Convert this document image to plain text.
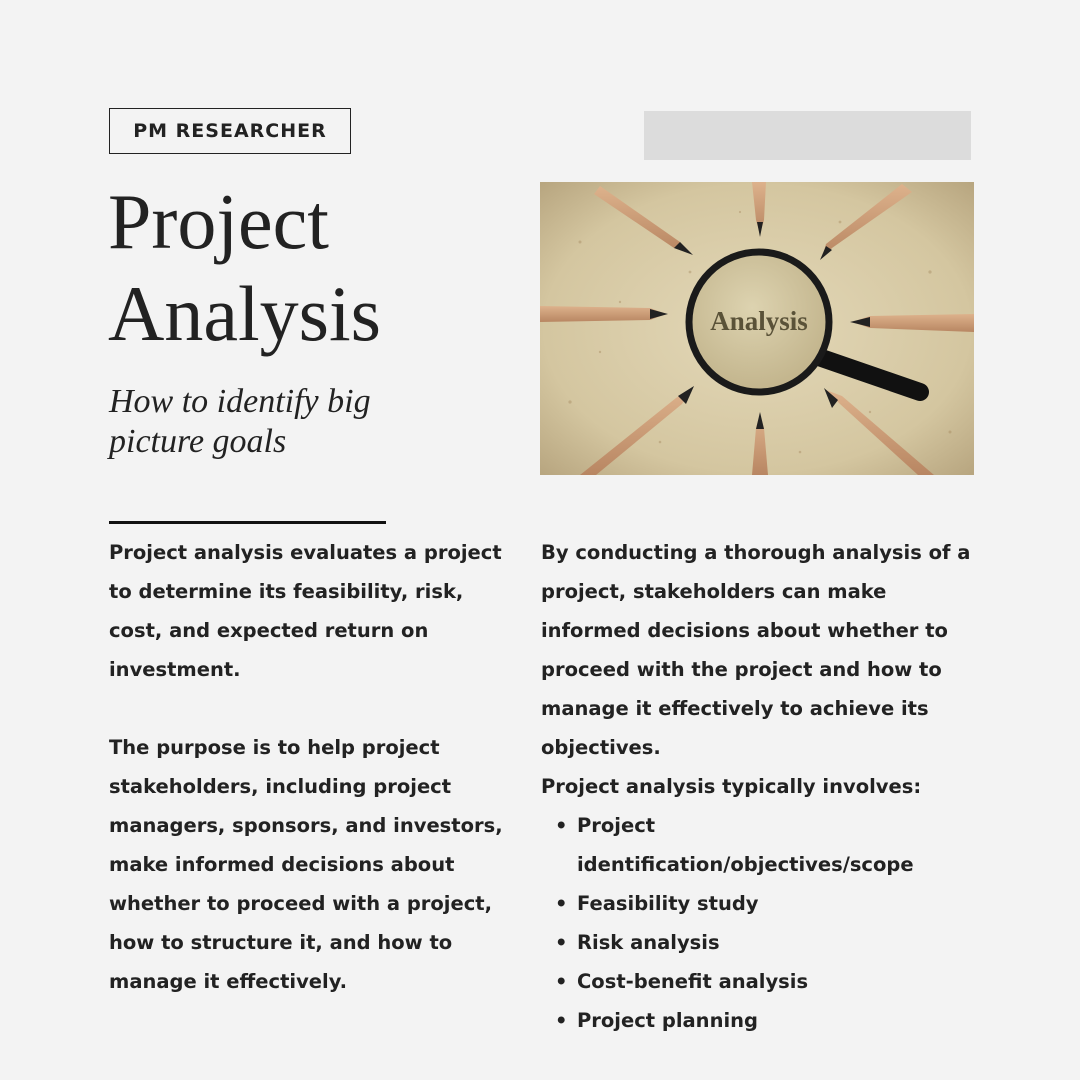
PM RESEARCHER
Project
Analysis

How to identify big picture goals

Analysis

Project analysis evaluates a project to determine its feasibility, risk, cost, and expected return on investment.

The purpose is to help project stakeholders, including project managers, sponsors, and investors, make informed decisions about whether to proceed with a project, how to structure it, and how to manage it effectively.

By conducting a thorough analysis of a project, stakeholders can make informed decisions about whether to proceed with the project and how to manage it effectively to achieve its objectives.

Project analysis typically involves:

• Project identification/objectives/scope
• Feasibility study
• Risk analysis
• Cost-benefit analysis
• Project planning
